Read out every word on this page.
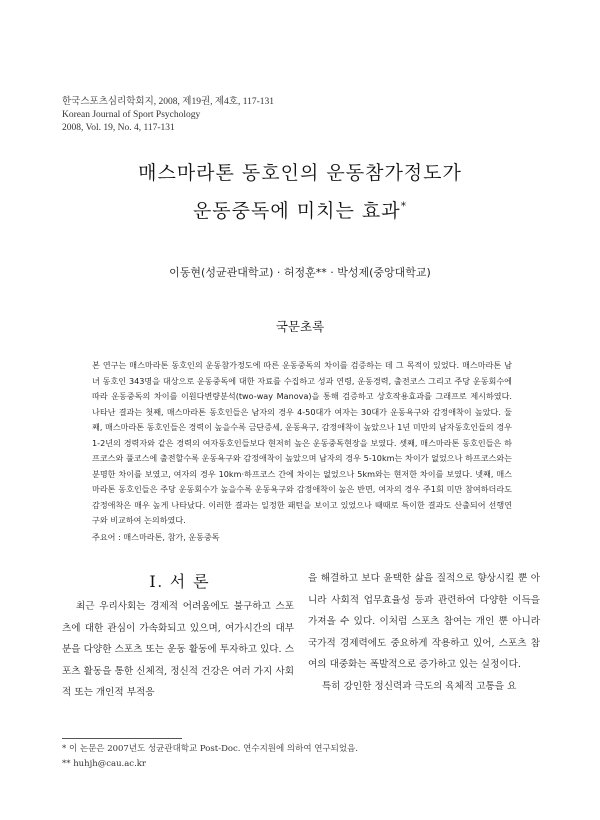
한국스포츠심리학회지, 2008, 제19권, 제4호, 117-131
Korean Journal of Sport Psychology
2008, Vol. 19, No. 4, 117-131
매스마라톤 동호인의 운동참가정도가
운동중독에 미치는 효과*
이동현(성균관대학교) · 허정훈** · 박성제(중앙대학교)
국문초록
본 연구는 매스마라톤 동호인의 운동참가정도에 따른 운동중독의 차이를 검증하는 데 그 목적이 있었다. 매스마라톤 남녀 동호인 343명을 대상으로 운동중독에 대한 자료를 수집하고 성과 연령, 운동경력, 출전코스 그리고 주당 운동회수에 따라 운동중독의 차이를 이원다변량분석(two-way Manova)을 통해 검증하고 상호작용효과를 그래프로 제시하였다. 나타난 결과는 첫째, 매스마라톤 동호인들은 남자의 경우 4-50대가 여자는 30대가 운동욕구와 감정애착이 높았다. 둘째, 매스마라톤 동호인들은 경력이 높을수록 금단증세, 운동욕구, 감정애착이 높았으나 1년 미만의 남자동호인들의 경우 1-2년의 경력자와 같은 경력의 여자동호인들보다 현저히 높은 운동중독현장을 보였다. 셋째, 매스마라톤 동호인들은 하프코스와 풀코스에 출전할수록 운동욕구와 감정애착이 높았으며 남자의 경우 5-10km는 차이가 없었으나 하프코스와는 분명한 차이를 보였고, 여자의 경우 10km·하프코스 간에 차이는 없었으나 5km와는 현저한 차이를 보였다. 넷째, 매스마라톤 동호인들은 주당 운동회수가 높을수록 운동욕구와 감정애착이 높은 반면, 여자의 경우 주1회 미만 참여하더라도 감정애착은 매우 높게 나타났다. 이러한 결과는 일정한 패턴을 보이고 있었으나 때때로 특이한 결과도 산출되어 선행연구와 비교하여 논의하였다.
주요어 : 매스마라톤, 참가, 운동중독
Ⅰ. 서 론

최근 우리사회는 경제적 어려움에도 불구하고 스포츠에 대한 관심이 가속화되고 있으며, 여가시간의 대부분을 다양한 스포츠 또는 운동 활동에 투자하고 있다. 스포츠 활동을 통한 신체적, 정신적 건강은 여러 가지 사회적 또는 개인적 부적응

을 해결하고 보다 윤택한 삶을 질적으로 향상시킬 뿐 아니라 사회적 업무효율성 등과 관련하여 다양한 이득을 가져올 수 있다. 이처럼 스포츠 참여는 개인 뿐 아니라 국가적 경제력에도 중요하게 작용하고 있어, 스포츠 참여의 대중화는 폭발적으로 증가하고 있는 실정이다.

특히 강인한 정신력과 극도의 육체적 고통을 요

* 이 논문은 2007년도 성균관대학교 Post-Doc. 연수지원에 의하여 연구되었음.
** huhjh@cau.ac.kr
